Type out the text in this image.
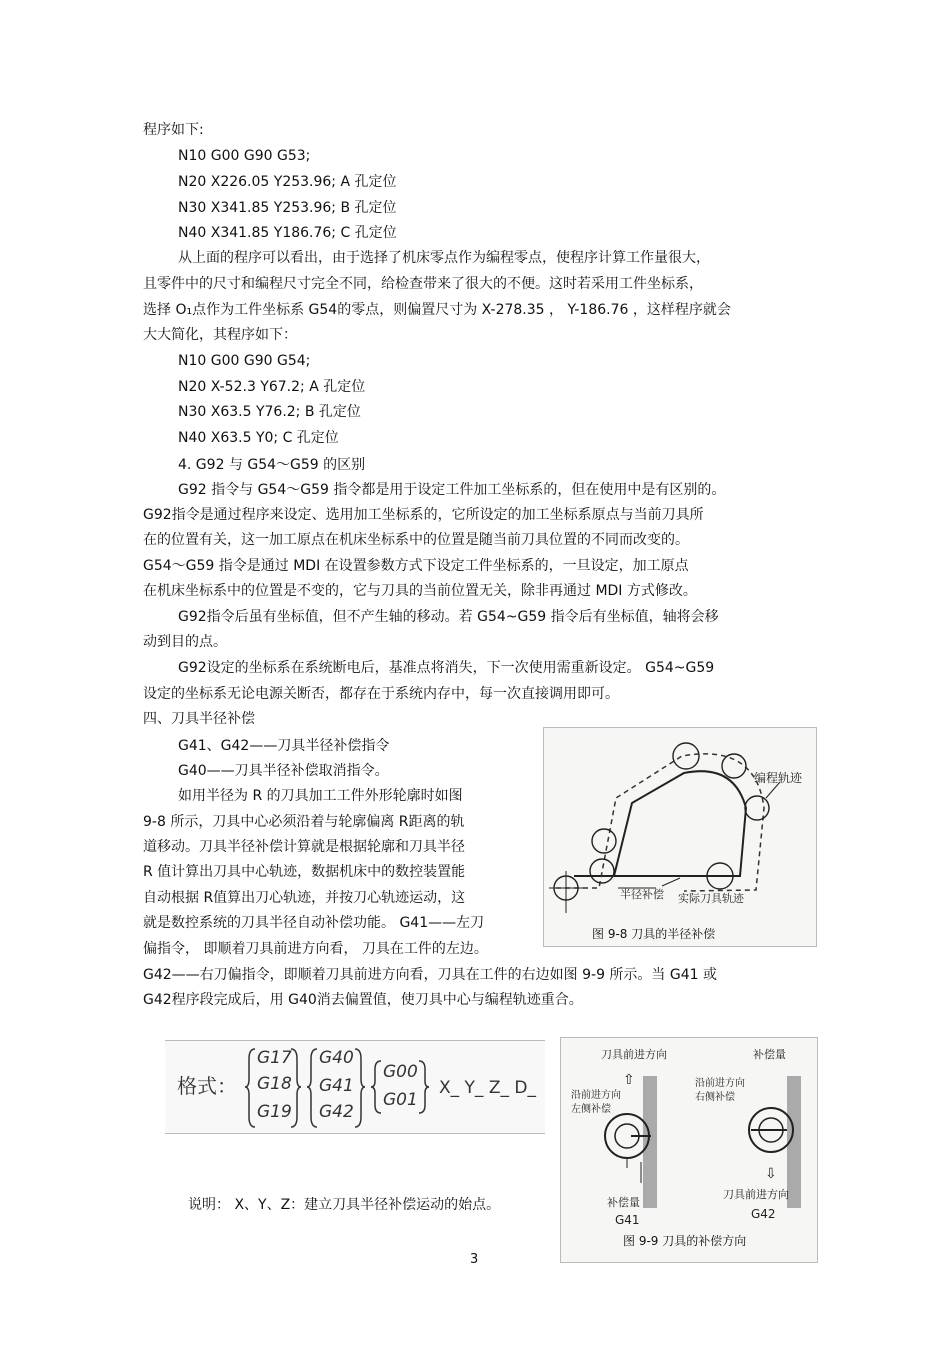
程序如下:
N10 G00 G90 G53;
N20 X226.05 Y253.96; A 孔定位
N30 X341.85 Y253.96; B 孔定位
N40 X341.85 Y186.76; C 孔定位
从上面的程序可以看出，由于选择了机床零点作为编程零点，使程序计算工作量很大，
且零件中的尺寸和编程尺寸完全不同，给检查带来了很大的不便。这时若采用工件坐标系，
选择 O₁点作为工件坐标系 G54的零点，则偏置尺寸为 X-278.35 ， Y-186.76 ，这样程序就会
大大简化，其程序如下：
N10 G00 G90 G54;
N20 X-52.3 Y67.2; A 孔定位
N30 X63.5 Y76.2; B 孔定位
N40 X63.5 Y0; C 孔定位
4. G92 与 G54～G59 的区别
G92 指令与 G54～G59 指令都是用于设定工件加工坐标系的，但在使用中是有区别的。
G92指令是通过程序来设定、选用加工坐标系的，它所设定的加工坐标系原点与当前刀具所
在的位置有关，这一加工原点在机床坐标系中的位置是随当前刀具位置的不同而改变的。
G54～G59 指令是通过 MDI 在设置参数方式下设定工件坐标系的，一旦设定，加工原点
在机床坐标系中的位置是不变的，它与刀具的当前位置无关，除非再通过 MDI 方式修改。
G92指令后虽有坐标值，但不产生轴的移动。若 G54~G59 指令后有坐标值，轴将会移
动到目的点。
G92设定的坐标系在系统断电后，基准点将消失，下一次使用需重新设定。 G54~G59
设定的坐标系无论电源关断否，都存在于系统内存中，每一次直接调用即可。
四、刀具半径补偿
G41、G42——刀具半径补偿指令
G40——刀具半径补偿取消指令。
如用半径为 R 的刀具加工工件外形轮廓时如图
9-8 所示，刀具中心必须沿着与轮廓偏离 R距离的轨
道移动。刀具半径补偿计算就是根据轮廓和刀具半径
R 值计算出刀具中心轨迹，数据机床中的数控装置能
自动根据 R值算出刀心轨迹，并按刀心轨迹运动，这
就是数控系统的刀具半径自动补偿功能。 G41——左刀
偏指令， 即顺着刀具前进方向看， 刀具在工件的左边。
G42——右刀偏指令，即顺着刀具前进方向看，刀具在工件的右边如图 9-9 所示。当 G41 或
G42程序段完成后，用 G40消去偏置值，使刀具中心与编程轨迹重合。
编程轨迹
半径补偿 实际刀具轨迹
图 9-8 刀具的半径补偿
格式：
G17
G18
G19
G40
G41
G42
G00
G01
X_ Y_ Z_ D_
说明： X、Y、Z：建立刀具半径补偿运动的始点。
刀具前进方向
⇧
沿前进方向
左侧补偿
补偿量
G41
补偿量
沿前进方向
右侧补偿
⇩
刀具前进方向
G42
图 9-9 刀具的补偿方向
3
